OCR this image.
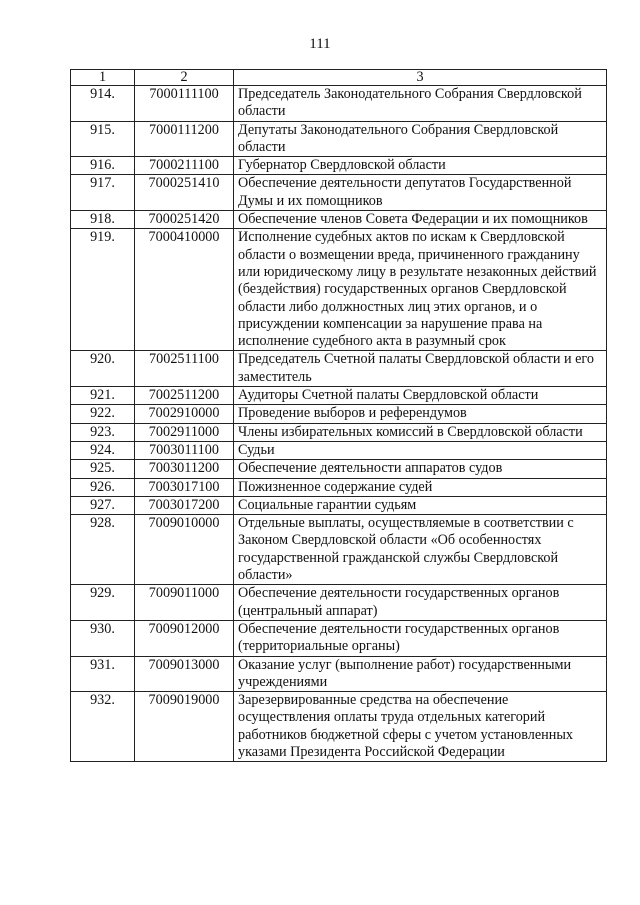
111
1	2	3
914.	7000111100	Председатель Законодательного Собрания Свердловской области
915.	7000111200	Депутаты Законодательного Собрания Свердловской области
916.	7000211100	Губернатор Свердловской области
917.	7000251410	Обеспечение деятельности депутатов Государственной Думы и их помощников
918.	7000251420	Обеспечение членов Совета Федерации и их помощников
919.	7000410000	Исполнение судебных актов по искам к Свердловской области о возмещении вреда, причиненного гражданину или юридическому лицу в результате незаконных действий (бездействия) государственных органов Свердловской области либо должностных лиц этих органов, и о присуждении компенсации за нарушение права на исполнение судебного акта в разумный срок
920.	7002511100	Председатель Счетной палаты Свердловской области и его заместитель
921.	7002511200	Аудиторы Счетной палаты Свердловской области
922.	7002910000	Проведение выборов и референдумов
923.	7002911000	Члены избирательных комиссий в Свердловской области
924.	7003011100	Судьи
925.	7003011200	Обеспечение деятельности аппаратов судов
926.	7003017100	Пожизненное содержание судей
927.	7003017200	Социальные гарантии судьям
928.	7009010000	Отдельные выплаты, осуществляемые в соответствии с Законом Свердловской области «Об особенностях государственной гражданской службы Свердловской области»
929.	7009011000	Обеспечение деятельности государственных органов (центральный аппарат)
930.	7009012000	Обеспечение деятельности государственных органов (территориальные органы)
931.	7009013000	Оказание услуг (выполнение работ) государственными учреждениями
932.	7009019000	Зарезервированные средства на обеспечение осуществления оплаты труда отдельных категорий работников бюджетной сферы с учетом установленных указами Президента Российской Федерации
